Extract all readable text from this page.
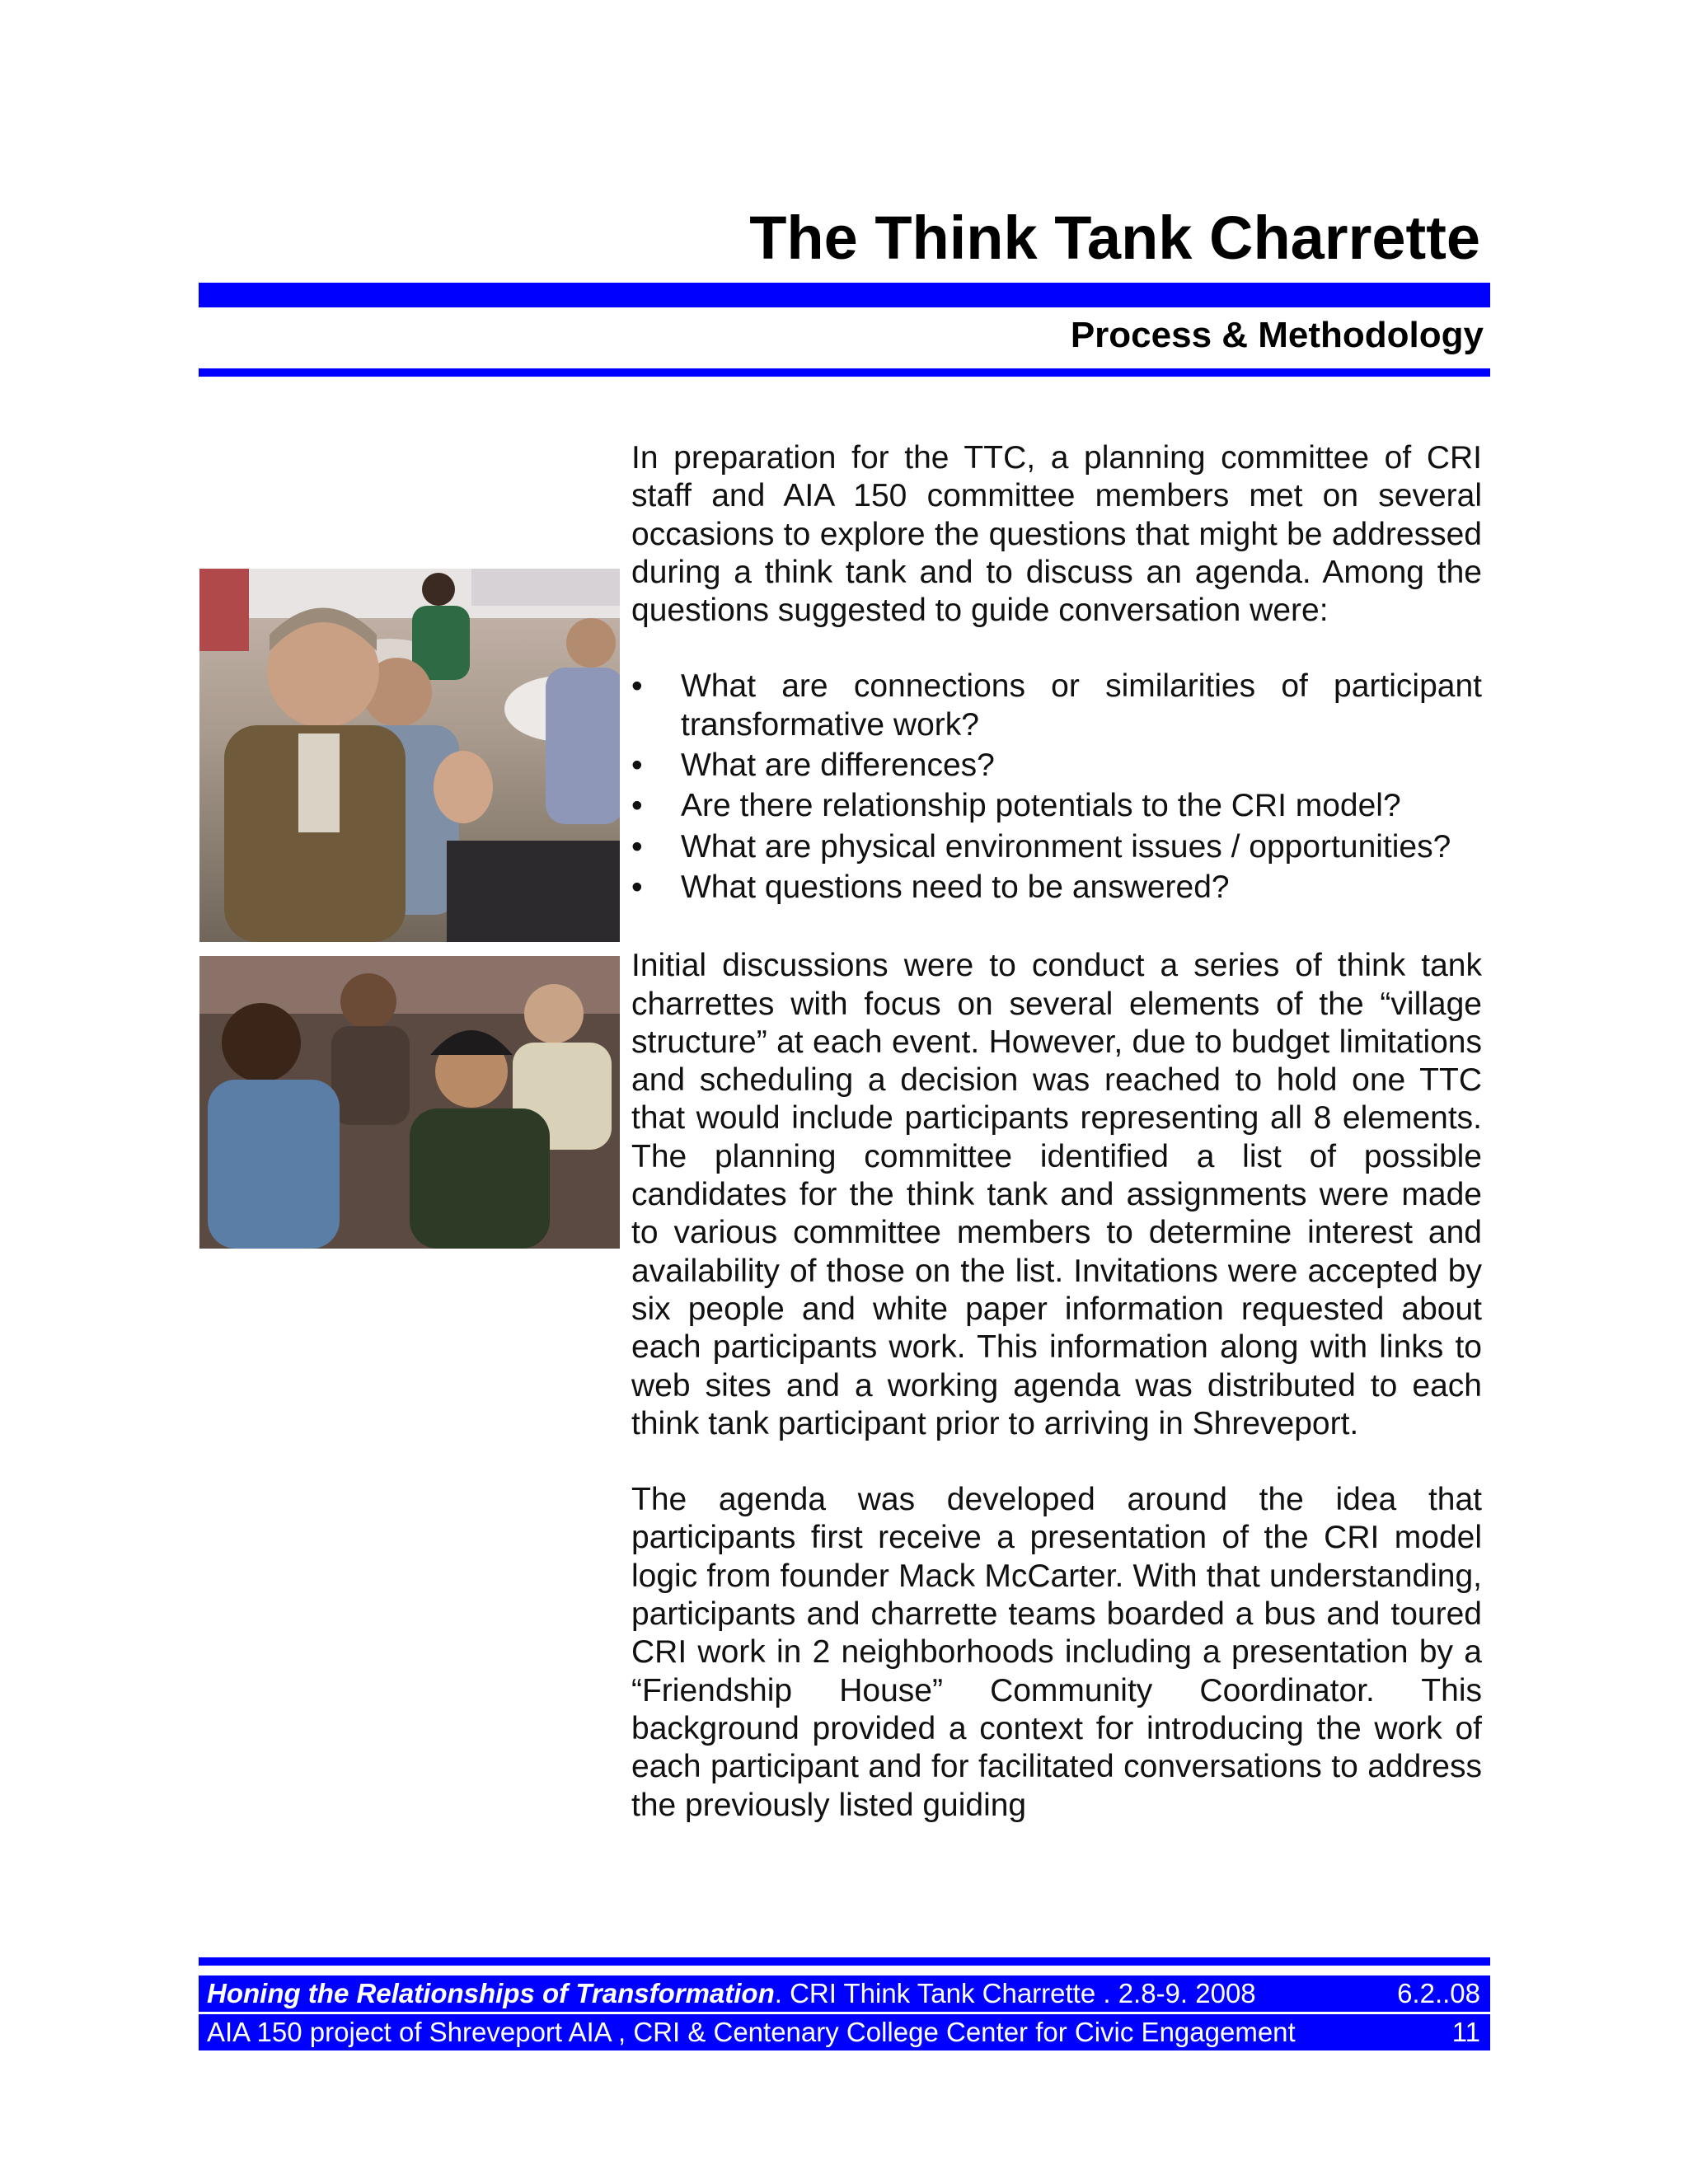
The Think Tank Charrette
Process & Methodology

In preparation for the TTC, a planning committee of CRI staff and AIA 150 committee members met on several occasions to explore the questions that might be addressed during a think tank and to discuss an agenda. Among the questions suggested to guide conversation were:

• What are connections or similarities of participant transformative work?
• What are differences?
• Are there relationship potentials to the CRI model?
• What are physical environment issues / opportunities?
• What questions need to be answered?

Initial discussions were to conduct a series of think tank charrettes with focus on several elements of the “village structure” at each event. However, due to budget limitations and scheduling a decision was reached to hold one TTC that would include participants representing all 8 elements. The planning committee identified a list of possible candidates for the think tank and assignments were made to various committee members to determine interest and availability of those on the list. Invitations were accepted by six people and white paper information requested about each participants work. This information along with links to web sites and a working agenda was distributed to each think tank participant prior to arriving in Shreveport.

The agenda was developed around the idea that participants first receive a presentation of the CRI model logic from founder Mack McCarter. With that understanding, participants and charrette teams boarded a bus and toured CRI work in 2 neighborhoods including a presentation by a “Friendship House” Community Coordinator. This background provided a context for introducing the work of each participant and for facilitated conversations to address the previously listed guiding

Honing the Relationships of Transformation. CRI Think Tank Charrette . 2.8-9. 2008	6.2..08
AIA 150 project of Shreveport AIA , CRI & Centenary College Center for Civic Engagement	11
